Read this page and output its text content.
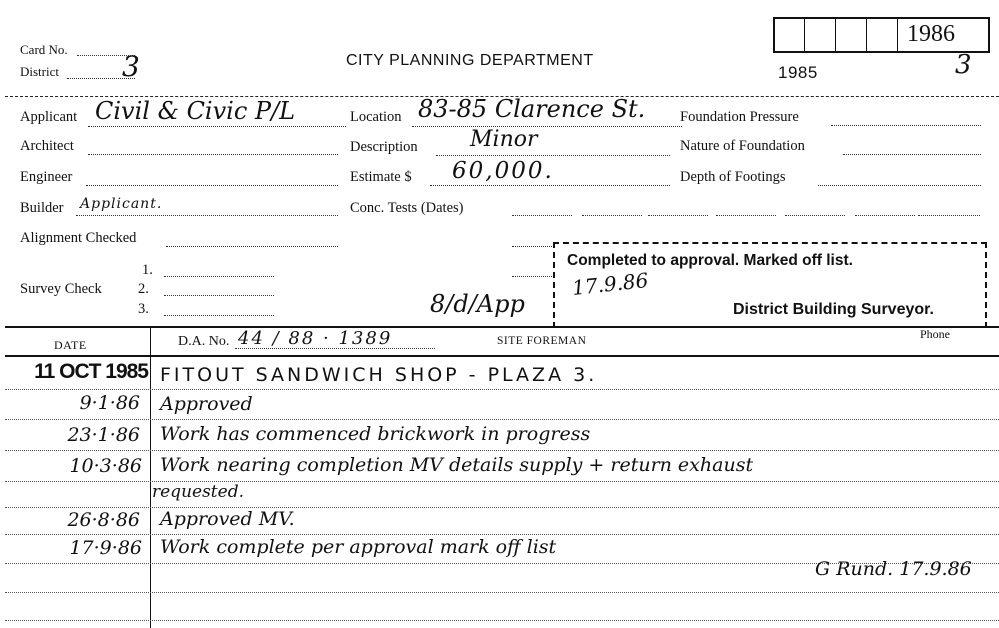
Card No.
District 3	CITY PLANNING DEPARTMENT
1985	3
1986
Applicant Civil & Civic P/L
Architect
Engineer
Builder Applicant.
Alignment Checked
Survey Check
1.
2.
3.
Location 83-85 Clarence St.
Description Minor
Estimate $ 60,000.
Conc. Tests (Dates)
Foundation Pressure
Nature of Foundation
Depth of Footings
Completed to approval. Marked off list.
District Building Surveyor.
17.9.86
8/d/App
DATE	D.A. No. 44 / 88 · 1389	SITE FOREMAN	Phone
11 OCT 1985 FITOUT SANDWICH SHOP - PLAZA 3.
9·1·86 Approved
23·1·86 Work has commenced brickwork in progress
10·3·86 Work nearing completion MV details supply + return exhaust
requested.
26·8·86 Approved MV.
17·9·86 Work complete per approval mark off list
G Rund. 17.9.86
